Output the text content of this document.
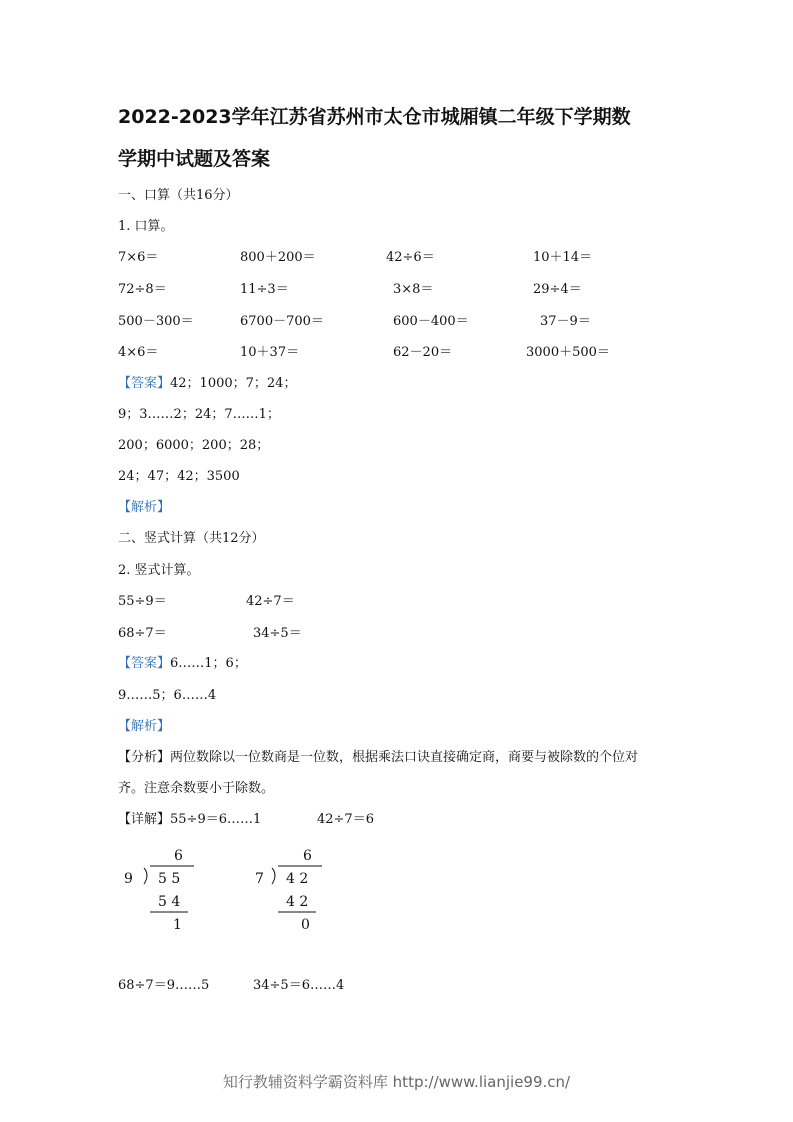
2022-2023学年江苏省苏州市太仓市城厢镇二年级下学期数
学期中试题及答案
一、口算（共16分）
1. 口算。
7×6＝	800＋200＝	42÷6＝	10＋14＝
72÷8＝	11÷3＝	3×8＝	29÷4＝
500－300＝	6700－700＝	600－400＝	37－9＝
4×6＝	10＋37＝	62－20＝	3000＋500＝
【答案】42；1000；7；24；
9；3……2；24；7……1；
200；6000；200；28；
24；47；42；3500
【解析】
二、竖式计算（共12分）
2. 竖式计算。
55÷9＝	42÷7＝
68÷7＝	34÷5＝
【答案】6……1；6；
9……5；6……4
【解析】
【分析】两位数除以一位数商是一位数，根据乘法口诀直接确定商，商要与被除数的个位对
齐。注意余数要小于除数。
【详解】55÷9＝6……1	42÷7＝6
6
9 5 5
5 4
1
6
7 4 2
4 2
0
68÷7＝9……5	34÷5＝6……4
知行教辅资料学霸资料库 http://www.lianjie99.cn/
